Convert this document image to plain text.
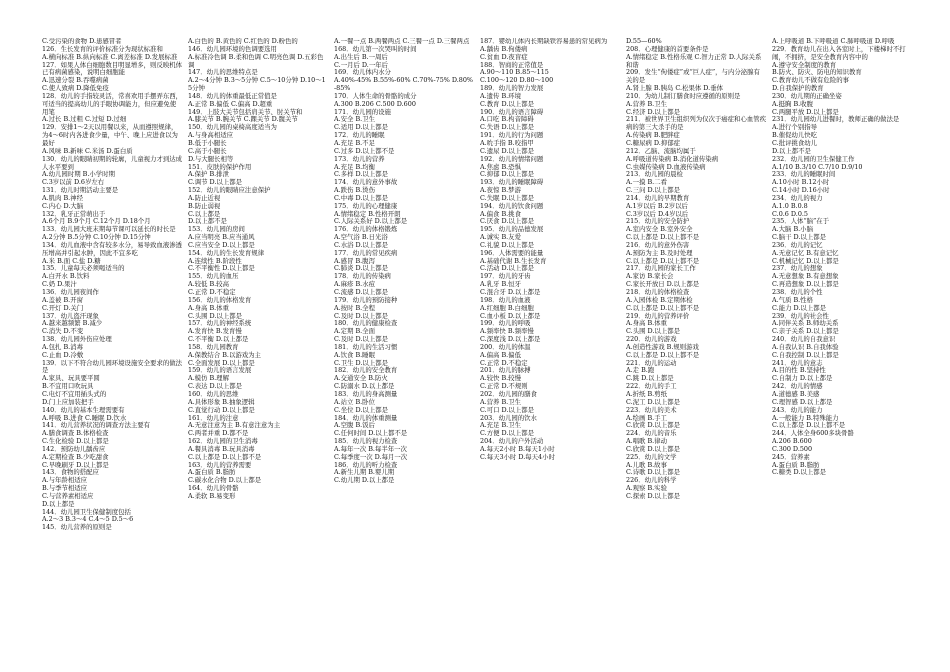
C.受污染的食物 D.患感冒者

126．生长发育的评价标准分为现状标准和

A.横向标准 B.纵向标准 C.离差标准 D.发展标准

127．如果人体白细胞数目明显增多，则反映机体已有病菌感染，说明白细胞能

A.迅速分裂 B.吞噬病菌

C.使人致病 D.降低免疫

128．幼儿的手指较灵活，常喜欢用手摆弄东西，可适当的提高幼儿的手眼协调能力，但应避免使用笔

A.过长 B.过粗 C.过短 D.过细

129．安排1～2天以用餐以来，从而遵照规律，为4～6时内各进食少量，中午、晚上应进食以为最好

A.风味 B.新味 C.米汤 D.蛋白质

130．幼儿的眼睛初期的轮廓，儿童视力才到达成人水平要到

A.幼儿园时期 B.小学时期

C.3岁以前 D.6岁左右

131．幼儿时期活动主要是

A.肌肉 B.神经

C.内心 D.大脑

132．乳牙正常萌出于

A.6个月 B.9个月 C.12个月 D.18个月

133．幼儿园大班末期每节课可以延长的时长是

A.2分钟 B.5分钟 C.10分钟 D.15分钟

134．幼儿血液中含有较多水分，易导致血液渗透压增高并引起水肿，因此不宜多吃

A.米 B.面 C.盐 D.糖

135．儿童每天必须喝适当的

A.白开水 B.饮料

C.奶 D.果汁

136．幼儿园夜间作

A.盖被 B.开窗

C.开灯 D.关门

137．幼儿盗汗现象

A.越来越频繁 B.减少

C.消失 D.不变

138．幼儿园外伤应处理

A.包扎 B.消毒

C.止血 D.冷敷

139．以下不符合幼儿园环境设施安全要求的做法是

A.家具、玩具要平圆

B.不宜用口吹玩具

C.电灯不宜用插头式的

D.门上应加装把手

140．幼儿的基本生理需要有

A.呼吸 B.进食 C.睡眠 D.饮水

141．幼儿营养状况的调查方法主要有

A.膳食调查 B.体格检查

C.生化检验 D.以上都是

142．预防幼儿龋齿应

A.定期检查 B.少吃甜食

C.早晚刷牙 D.以上都是

143．食物的搭配应

A.与年龄相适应

B.与季节相适应

C.与营养素相适应

D.以上都是

144．幼儿园卫生保健制度包括

A.2～3 B.3～4 C.4～5 D.5～6

145．幼儿营养的原则是

A.白色的 B.黄色的 C.红色的 D.粉色的

146．幼儿园环境的色调要选用

A.标准冷色调 B.柔和色调 C.明亮色调 D.五彩色调

147．幼儿的思维特点是

A.2～4分钟 B.3～5分钟 C.5～10分钟 D.10～15分钟

148．幼儿的体重最低正常值是

A.正常 B.偏低 C.偏高 D.超重

149．上肢大关节包括肩关节、肘关节和

A.膝关节 B.腕关节 C.踝关节 D.髋关节

150．幼儿园的桌椅高度适当为

A.与身高相适应

B.低于小腿长

C.高于小腿长

D.与大腿长相等

151．皮肤的保护作用

A.保护 B.排泄

C.调节 D.以上都是

152．幼儿的眼睛应注意保护

A.防止近视

B.防止弱视

C.以上都是

D.以上都不是

153．幼儿园的房间

A.应当明亮 B.应当通风

C.应当安全 D.以上都是

154．幼儿的生长发育规律

A.连续性 B.阶段性

C.不平衡性 D.以上都是

155．幼儿的血压

A.较低 B.较高

C.正常 D.不稳定

156．幼儿的体格发育

A.身高 B.体重

C.头围 D.以上都是

157．幼儿的神经系统

A.发育快 B.发育慢

C.不平衡 D.以上都是

158．幼儿园教育

A.保教结合 B.以游戏为主

C.全面发展 D.以上都是

159．幼儿的语言发展

A.模仿 B.理解

C.表达 D.以上都是

160．幼儿的思维

A.具体形象 B.抽象逻辑

C.直觉行动 D.以上都是

161．幼儿的注意

A.无意注意为主 B.有意注意为主

C.两者并重 D.都不是

162．幼儿园的卫生消毒

A.餐具消毒 B.玩具消毒

C.以上都是 D.以上都不是

163．幼儿的营养需要

A.蛋白质 B.脂肪

C.碳水化合物 D.以上都是

164．幼儿的骨骼

A.柔软 B.易变形

A.一餐一点 B.两餐两点 C.三餐一点 D.三餐两点

168．幼儿第一次哭叫的时间

A.出生后 B.一周后

C.一月后 D.一年后

169．幼儿体内水分

A.40%-45% B.55%-60% C.70%-75% D.80%-85%

170．人体生命的骨骼的成分

A.300 B.206 C.500 D.600

171．幼儿园的设施

A.安全 B.卫生

C.适用 D.以上都是

172．幼儿的睡眠

A.充足 B.不足

C.过多 D.以上都不是

173．幼儿的营养

A.充足 B.均衡

C.多样 D.以上都是

174．幼儿的意外事故

A.跌伤 B.烫伤

C.中毒 D.以上都是

175．幼儿的心理健康

A.情绪稳定 B.性格开朗

C.人际关系好 D.以上都是

176．幼儿的体格锻炼

A.空气浴 B.日光浴

C.水浴 D.以上都是

177．幼儿的常见疾病

A.感冒 B.腹泻

C.肺炎 D.以上都是

178．幼儿的传染病

A.麻疹 B.水痘

C.流感 D.以上都是

179．幼儿的预防接种

A.按时 B.全程

C.及时 D.以上都是

180．幼儿的健康检查

A.定期 B.全面

C.及时 D.以上都是

181．幼儿的生活习惯

A.饮食 B.睡眠

C.卫生 D.以上都是

182．幼儿的安全教育

A.交通安全 B.防火

C.防溺水 D.以上都是

183．幼儿的身高测量

A.站立 B.卧位

C.坐位 D.以上都是

184．幼儿的体重测量

A.空腹 B.饭后

C.任何时间 D.以上都不是

185．幼儿的视力检查

A.每年一次 B.每半年一次

C.每季度一次 D.每月一次

186．幼儿的听力检查

A.新生儿期 B.婴儿期

C.幼儿期 D.以上都是

187．婴幼儿体内长期缺铁容易患的常见病为

A.龋齿 B.佝偻病

C.贫血 D.夜盲症

188．智商的正常值是

A.90～110 B.85～115

C.100～120 D.80～100

189．幼儿的智力发展

A.遗传 B.环境

C.教育 D.以上都是

190．幼儿的语言障碍

A.口吃 B.构音障碍

C.失语 D.以上都是

191．幼儿的行为问题

A.吮手指 B.咬指甲

C.遗尿 D.以上都是

192．幼儿的情绪问题

A.焦虑 B.恐惧

C.抑郁 D.以上都是

193．幼儿的睡眠障碍

A.夜惊 B.梦游

C.失眠 D.以上都是

194．幼儿的饮食问题

A.偏食 B.挑食

C.厌食 D.以上都是

195．幼儿的品德发展

A.诚实 B.友爱

C.礼貌 D.以上都是

196．人体需要的能量

A.基础代谢 B.生长发育

C.活动 D.以上都是

197．幼儿的牙齿

A.乳牙 B.恒牙

C.混合牙 D.以上都是

198．幼儿的血液

A.红细胞 B.白细胞

C.血小板 D.以上都是

199．幼儿的呼吸

A.频率快 B.频率慢

C.深度浅 D.以上都是

200．幼儿的体温

A.偏高 B.偏低

C.正常 D.不稳定

201．幼儿的脉搏

A.较快 B.较慢

C.正常 D.不规则

202．幼儿园的膳食

A.营养 B.卫生

C.可口 D.以上都是

203．幼儿园的饮水

A.充足 B.卫生

C.方便 D.以上都是

204．幼儿的户外活动

A.每天2小时 B.每天1小时

C.每天3小时 D.每天4小时

D.55—60%

208．心理健康的首要条件是

A.情绪稳定 B.性格乐观 C.智力正常 D.人际关系和谐

209．发生“佝偻症”或“巨人症”，与内分泌腺有关的是

A.肾上腺 B.胰岛 C.松果体 D.垂体

210．为幼儿制订膳食时应遵循的原则是

A.营养 B.卫生

C.经济 D.以上都是

211．被世界卫生组织列为仅次于癌症和心血管疾病的第三大杀手的是

A.传染病 B.肥胖症

C.糖尿病 D.抑郁症

212．乙脑、流脑均属于

A.呼吸道传染病 B.消化道传染病

C.虫媒传染病 D.血液传染病

213．幼儿园的晨检

A.一摸 B.二看

C.三问 D.以上都是

214．幼儿的早期教育

A.1岁以后 B.2岁以后

C.3岁以后 D.4岁以后

215．幼儿的安全防护

A.室内安全 B.室外安全

C.以上都是 D.以上都不是

216．幼儿的意外伤害

A.预防为主 B.及时处理

C.以上都是 D.以上都不是

217．幼儿园的家长工作

A.家访 B.家长会

C.家长开放日 D.以上都是

218．幼儿的体格检查

A.入园体检 B.定期体检

C.以上都是 D.以上都不是

219．幼儿的营养评价

A.身高 B.体重

C.头围 D.以上都是

220．幼儿的游戏

A.创造性游戏 B.规则游戏

C.以上都是 D.以上都不是

221．幼儿的运动

A.走 B.跑

C.跳 D.以上都是

222．幼儿的手工

A.折纸 B.剪纸

C.泥工 D.以上都是

223．幼儿的美术

A.绘画 B.手工

C.欣赏 D.以上都是

224．幼儿的音乐

A.唱歌 B.律动

C.欣赏 D.以上都是

225．幼儿的文学

A.儿歌 B.故事

C.诗歌 D.以上都是

226．幼儿的科学

A.观察 B.实验

C.探索 D.以上都是

A.上呼吸道 B.下呼吸道 C.肺呼吸道 D.呼吸

229．教育幼儿在出入各室时上，下楼梯时不打闹，不拥挤，是安全教育内容中的

A.遵守安全制度的教育

B.防火、防灾、防电的知识教育

C.教育幼儿不做有危险的事

D.自我保护的教育

230．幼儿期的正确坐姿

A.挺胸 B.收腹

C.两腿平放 D.以上都是

231．幼儿园幼儿进餐时，教师正确的做法是

A.进行个别指导

B.催促幼儿快吃

C.批评挑食幼儿

D.以上都不是

232．幼儿园的卫生保健工作

A.1/10 B.3/10 C.7/10 D.9/10

233．幼儿的睡眠时间

A.10小时 B.12小时

C.14小时 D.16小时

234．幼儿的视力

A.1.0 B.0.8

C.0.6 D.0.5

235．人体“脑”在于

A.大脑 B.小脑

C.脑干 D.以上都是

236．幼儿的记忆

A.无意记忆 B.有意记忆

C.机械记忆 D.以上都是

237．幼儿的想象

A.无意想象 B.有意想象

C.再造想象 D.以上都是

238．幼儿的个性

A.气质 B.性格

C.能力 D.以上都是

239．幼儿的社会性

A.同伴关系 B.师幼关系

C.亲子关系 D.以上都是

240．幼儿的自我意识

A.自我认识 B.自我体验

C.自我控制 D.以上都是

241．幼儿的意志

A.目的性 B.坚持性

C.自制力 D.以上都是

242．幼儿的情感

A.道德感 B.美感

C.理智感 D.以上都是

243．幼儿的能力

A.一般能力 B.特殊能力

C.以上都是 D.以上都不是

244．人体全身600多块骨骼

A.206 B.600

C.300 D.500

245．营养素

A.蛋白质 B.脂肪

C.糖类 D.以上都是
